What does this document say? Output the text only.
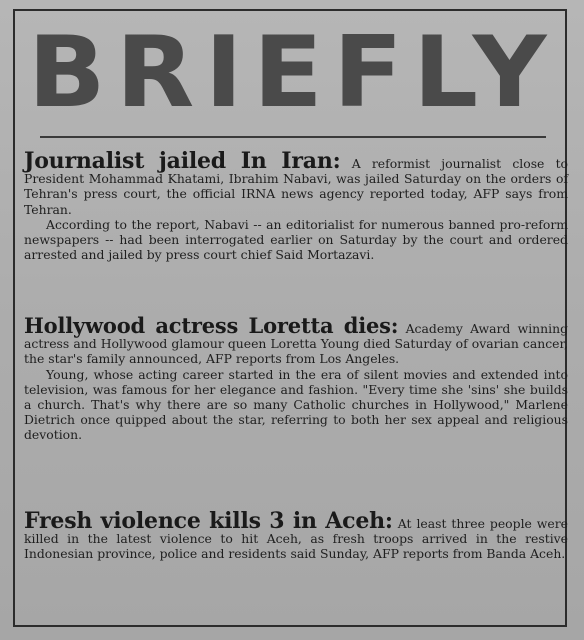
BRIEFLY

Journalist jailed In Iran: A reformist journalist close to President Mohammad Khatami, Ibrahim Nabavi, was jailed Saturday on the orders of Tehran's press court, the official IRNA news agency reported today, AFP says from Tehran.

According to the report, Nabavi -- an editorialist for numerous banned pro-reform newspapers -- had been interrogated earlier on Saturday by the court and ordered arrested and jailed by press court chief Said Mortazavi.

Hollywood actress Loretta dies: Academy Award winning actress and Hollywood glamour queen Loretta Young died Saturday of ovarian cancer, the star's family announced, AFP reports from Los Angeles.

Young, whose acting career started in the era of silent movies and extended into television, was famous for her elegance and fashion. "Every time she 'sins' she builds a church. That's why there are so many Catholic churches in Hollywood," Marlene Dietrich once quipped about the star, referring to both her sex appeal and religious devotion.

Fresh violence kills 3 in Aceh: At least three people were killed in the latest violence to hit Aceh, as fresh troops arrived in the restive Indonesian province, police and residents said Sunday, AFP reports from Banda Aceh.
